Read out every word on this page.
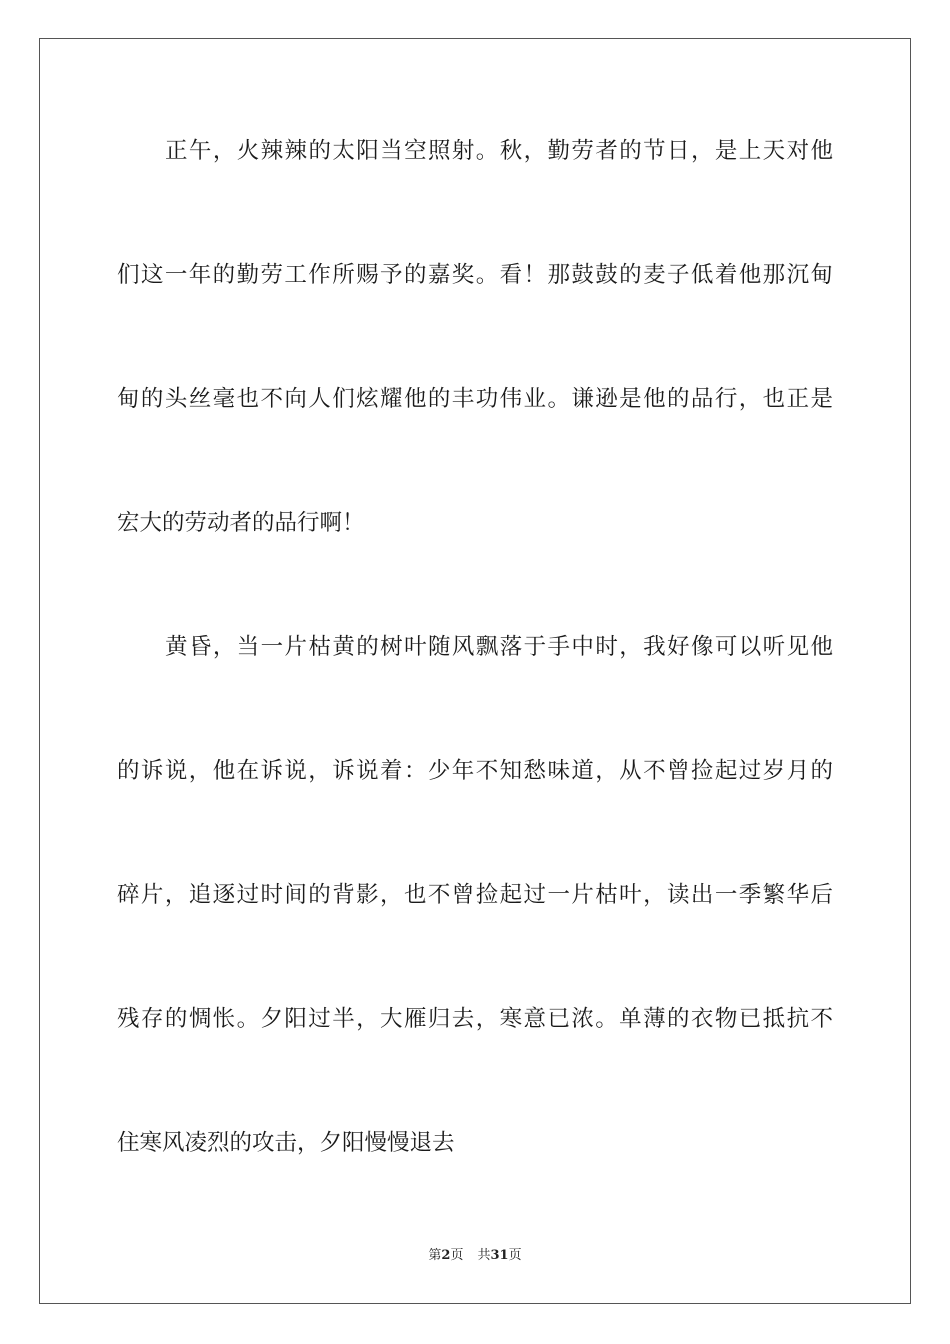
正午，火辣辣的太阳当空照射。秋，勤劳者的节日，是上天对他
们这一年的勤劳工作所赐予的嘉奖。看！那鼓鼓的麦子低着他那沉甸
甸的头丝毫也不向人们炫耀他的丰功伟业。谦逊是他的品行，也正是
宏大的劳动者的品行啊！
黄昏，当一片枯黄的树叶随风飘落于手中时，我好像可以听见他
的诉说，他在诉说，诉说着：少年不知愁味道，从不曾捡起过岁月的
碎片，追逐过时间的背影，也不曾捡起过一片枯叶，读出一季繁华后
残存的惆怅。夕阳过半，大雁归去，寒意已浓。单薄的衣物已抵抗不
住寒风凌烈的攻击，夕阳慢慢退去
第2页 共31页
